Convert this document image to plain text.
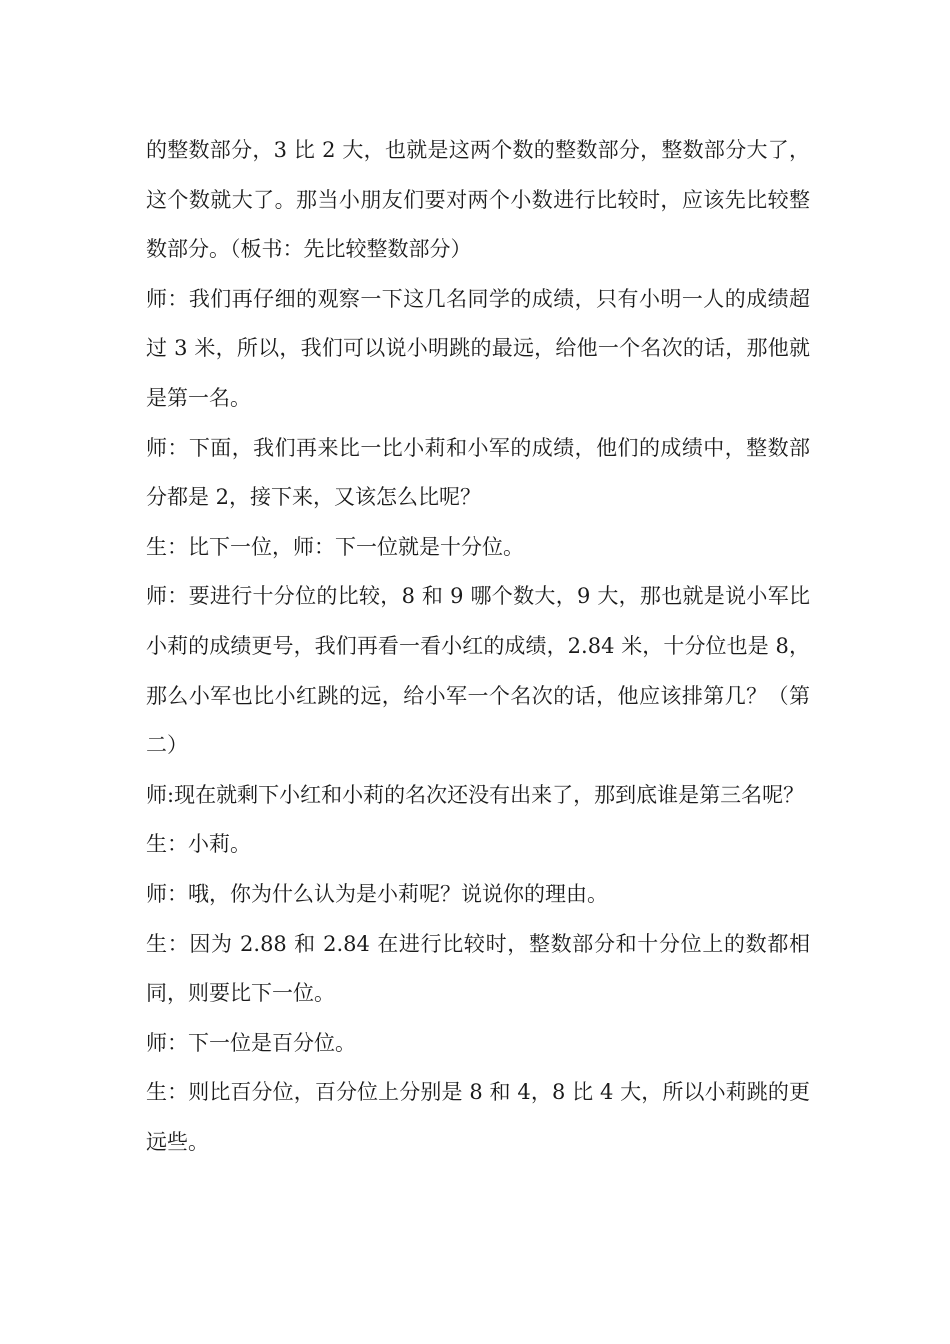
的整数部分，3 比 2 大，也就是这两个数的整数部分，整数部分大了，这个数就大了。那当小朋友们要对两个小数进行比较时，应该先比较整数部分。（板书：先比较整数部分）

师：我们再仔细的观察一下这几名同学的成绩，只有小明一人的成绩超过 3 米，所以，我们可以说小明跳的最远，给他一个名次的话，那他就是第一名。

师：下面，我们再来比一比小莉和小军的成绩，他们的成绩中，整数部分都是 2，接下来，又该怎么比呢？

生：比下一位，师：下一位就是十分位。

师：要进行十分位的比较，8 和 9 哪个数大，9 大，那也就是说小军比小莉的成绩更号，我们再看一看小红的成绩，2.84 米，十分位也是 8，那么小军也比小红跳的远，给小军一个名次的话，他应该排第几？（第二）

师:现在就剩下小红和小莉的名次还没有出来了，那到底谁是第三名呢？

生：小莉。

师：哦，你为什么认为是小莉呢？说说你的理由。

生：因为 2.88 和 2.84 在进行比较时，整数部分和十分位上的数都相同，则要比下一位。

师：下一位是百分位。

生：则比百分位，百分位上分别是 8 和 4，8 比 4 大，所以小莉跳的更远些。
